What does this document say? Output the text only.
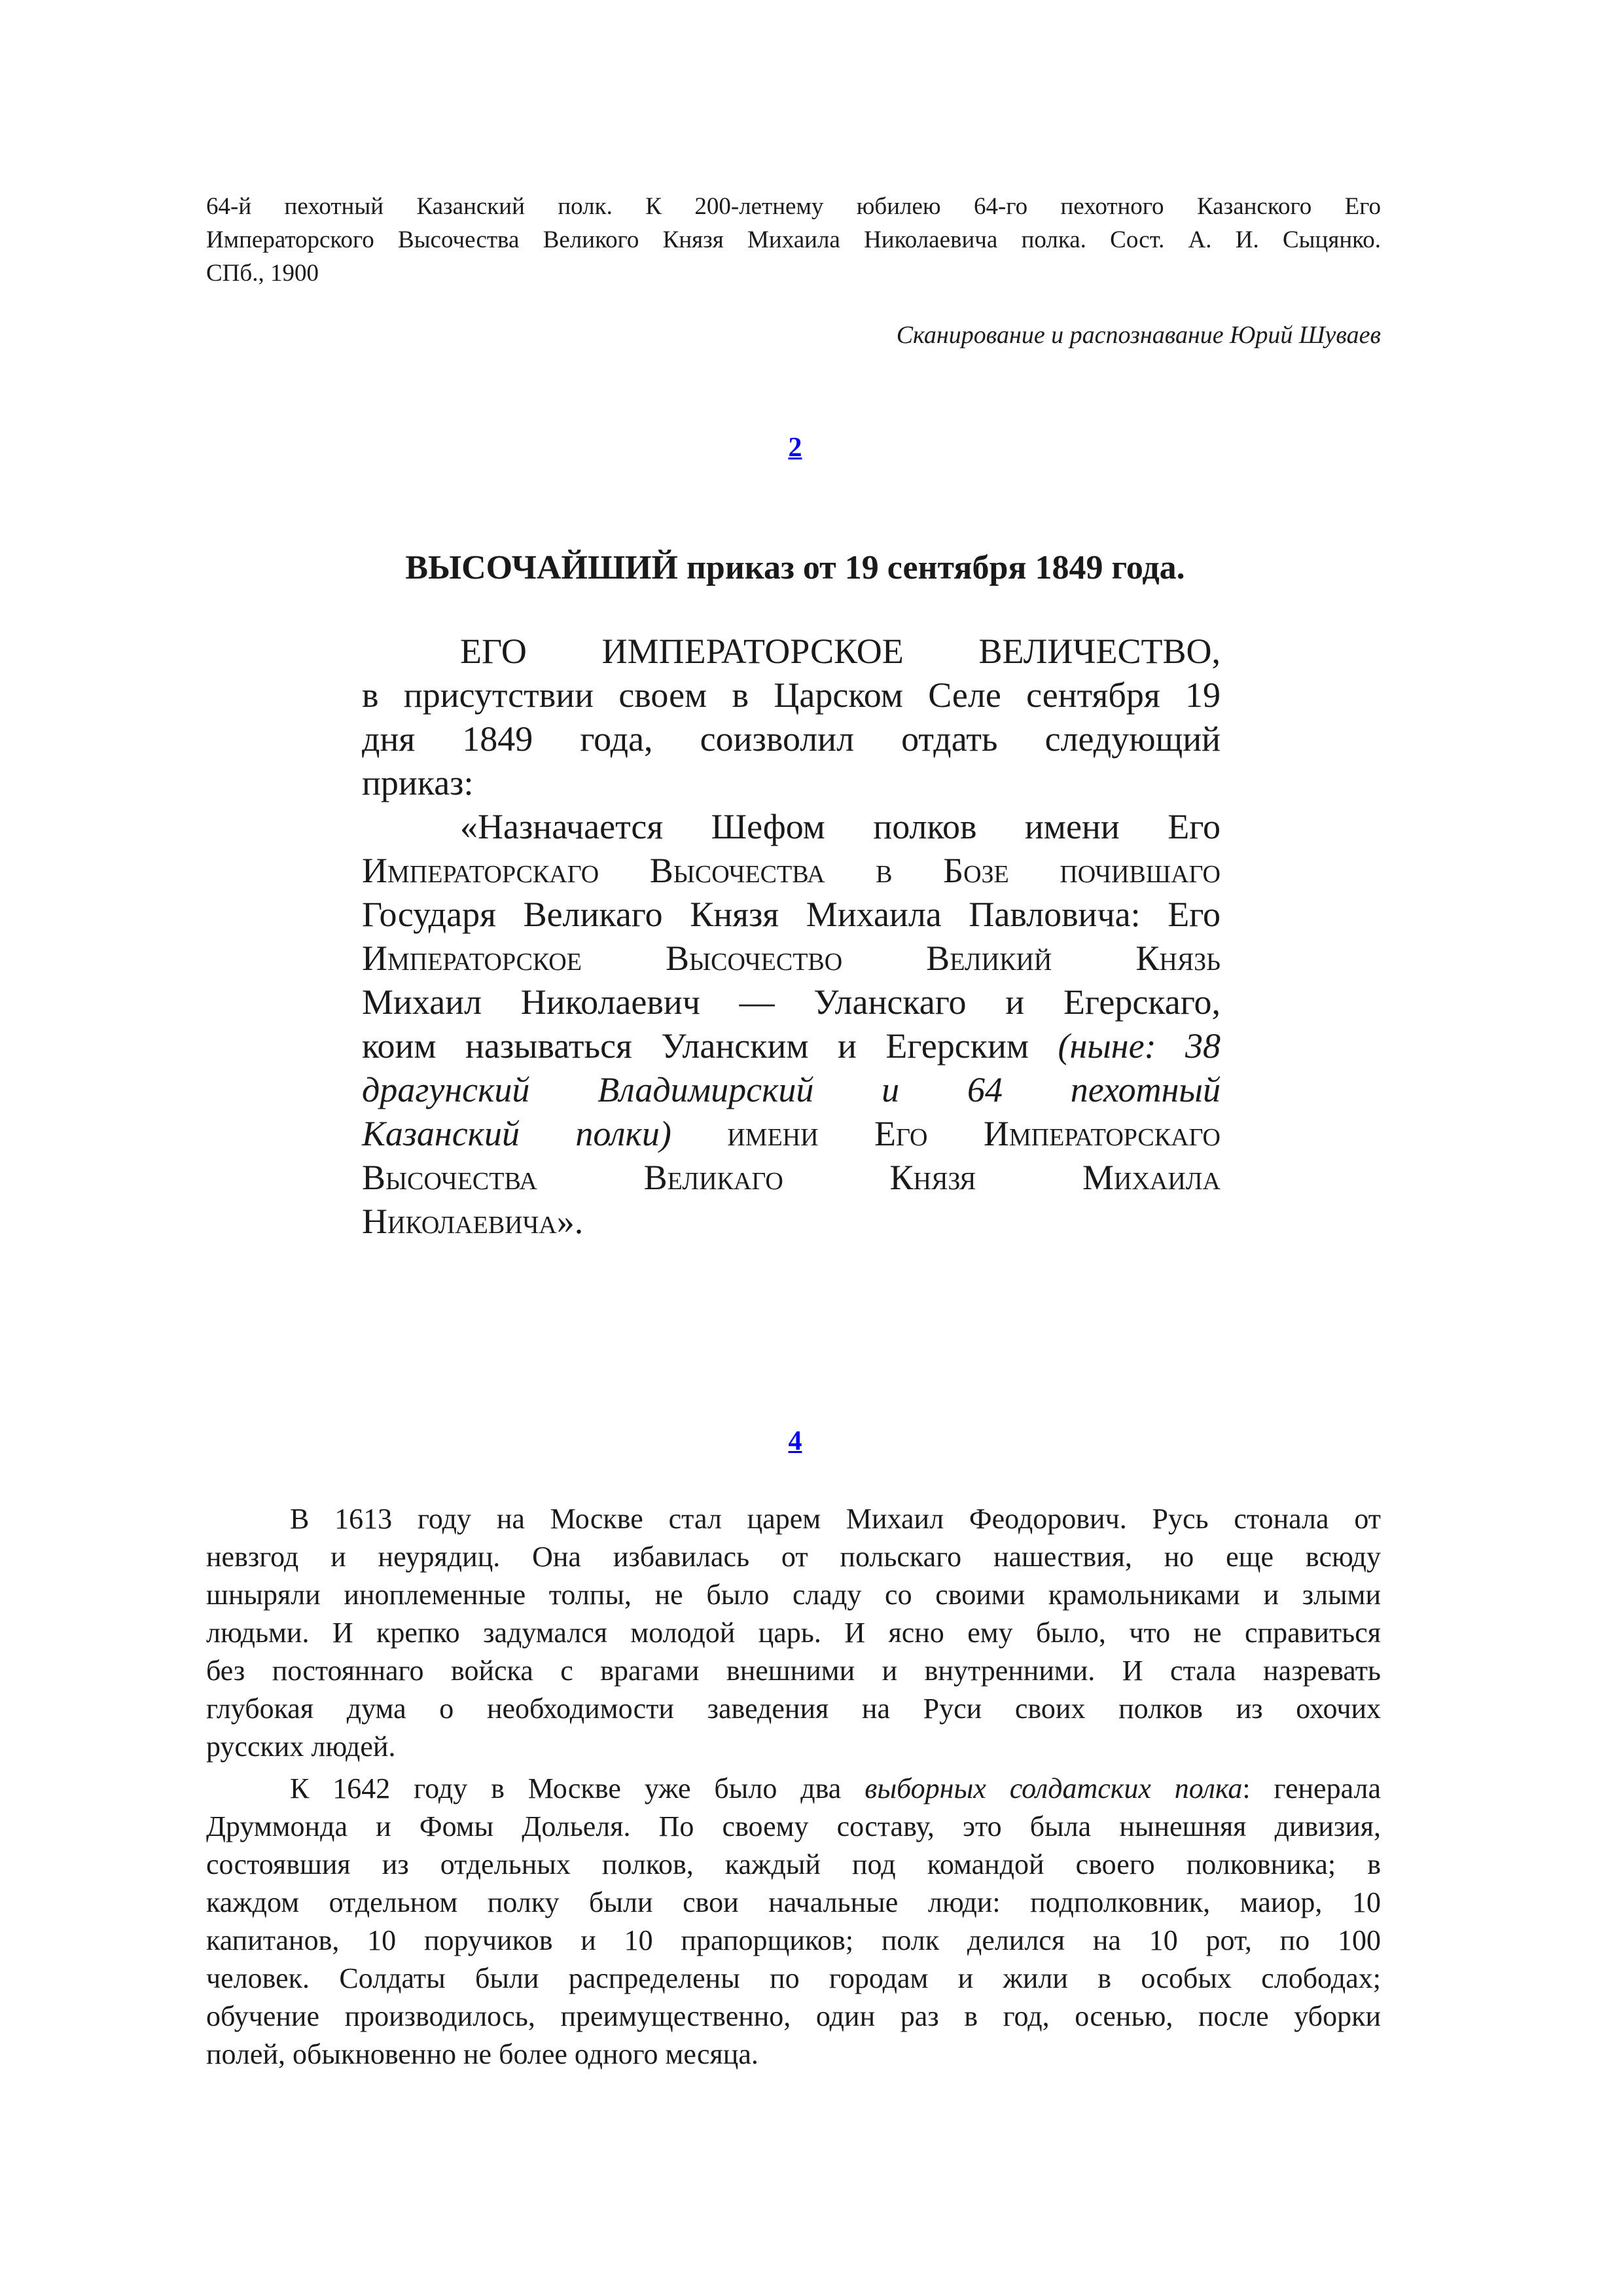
64-й пехотный Казанский полк. К 200-летнему юбилею 64-го пехотного Казанского Его
Императорского Высочества Великого Князя Михаила Николаевича полка. Сост. А. И. Сыцянко.
СПб., 1900
Сканирование и распознавание Юрий Шуваев
2
ВЫСОЧАЙШИЙ приказ от 19 сентября 1849 года.
ЕГО ИМПЕРАТОРСКОЕ ВЕЛИЧЕСТВО,
в присутствии своем в Царском Селе сентября 19
дня 1849 года, соизволил отдать следующий
приказ:
«Назначается Шефом полков имени Его
Императорскаго Высочества в Бозе почившаго
Государя Великаго Князя Михаила Павловича: Его
Императорское Высочество Великий Князь
Михаил Николаевич — Уланскаго и Егерскаго,
коим называться Уланским и Егерским (ныне: 38
драгунский Владимирский и 64 пехотный
Казанский полки) имени Его Императорскаго
Высочества Великаго Князя Михаила
Николаевича».
4
В 1613 году на Москве стал царем Михаил Феодорович. Русь стонала от
невзгод и неурядиц. Она избавилась от польскаго нашествия, но еще всюду
шныряли иноплеменные толпы, не было сладу со своими крамольниками и злыми
людьми. И крепко задумался молодой царь. И ясно ему было, что не справиться
без постояннаго войска с врагами внешними и внутренними. И стала назревать
глубокая дума о необходимости заведения на Руси своих полков из охочих
русских людей.
К 1642 году в Москве уже было два выборных солдатских полка: генерала
Друммонда и Фомы Дольеля. По своему составу, это была нынешняя дивизия,
состоявшия из отдельных полков, каждый под командой своего полковника; в
каждом отдельном полку были свои начальные люди: подполковник, маиор, 10
капитанов, 10 поручиков и 10 прапорщиков; полк делился на 10 рот, по 100
человек. Солдаты были распределены по городам и жили в особых слободах;
обучение производилось, преимущественно, один раз в год, осенью, после уборки
полей, обыкновенно не более одного месяца.
